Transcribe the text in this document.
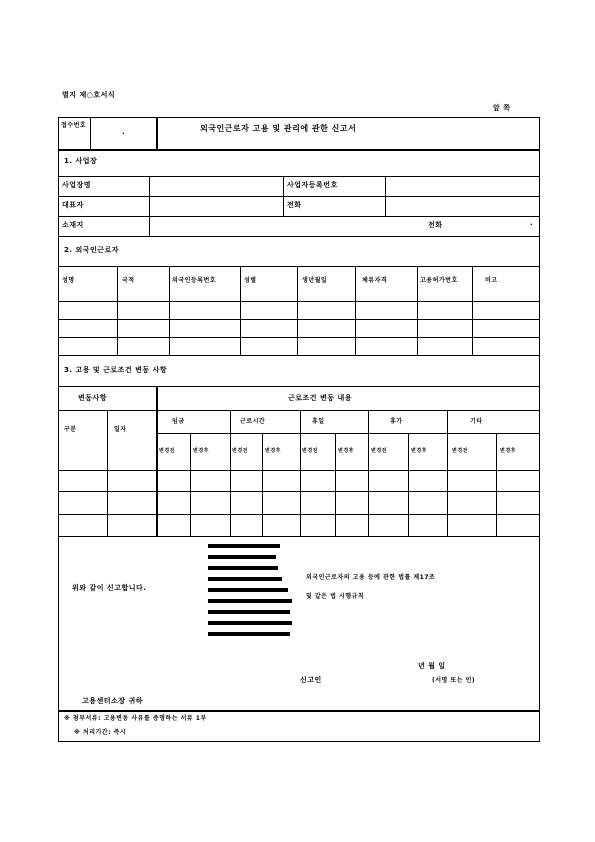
별지 제○호서식
앞 쪽
접수번호
.	외국인근로자 고용 및 관리에 관한 신고서
1. 사업장
사업장명	사업자등록번호
대표자	전화
소재지	전화	·
2. 외국인근로자
성명	국적	외국인등록번호	성별	생년월일	체류자격	고용허가번호	비고
3. 고용 및 근로조건 변동 사항
변동사항	근로조건 변동 내용
구분	일자
임금	근로시간	휴일	휴가	기타
변경전	변경후	변경전	변경후	변경전	변경후	변경전	변경후	변경전	변경후
위와 같이 신고합니다.
외국인근로자의 고용 등에 관한 법률 제17조
및 같은 법 시행규칙
년 월 일
신고인	(서명 또는 인)
고용센터소장 귀하
※ 첨부서류: 고용변동 사유를 증명하는 서류 1부
※ 처리기간: 즉시
